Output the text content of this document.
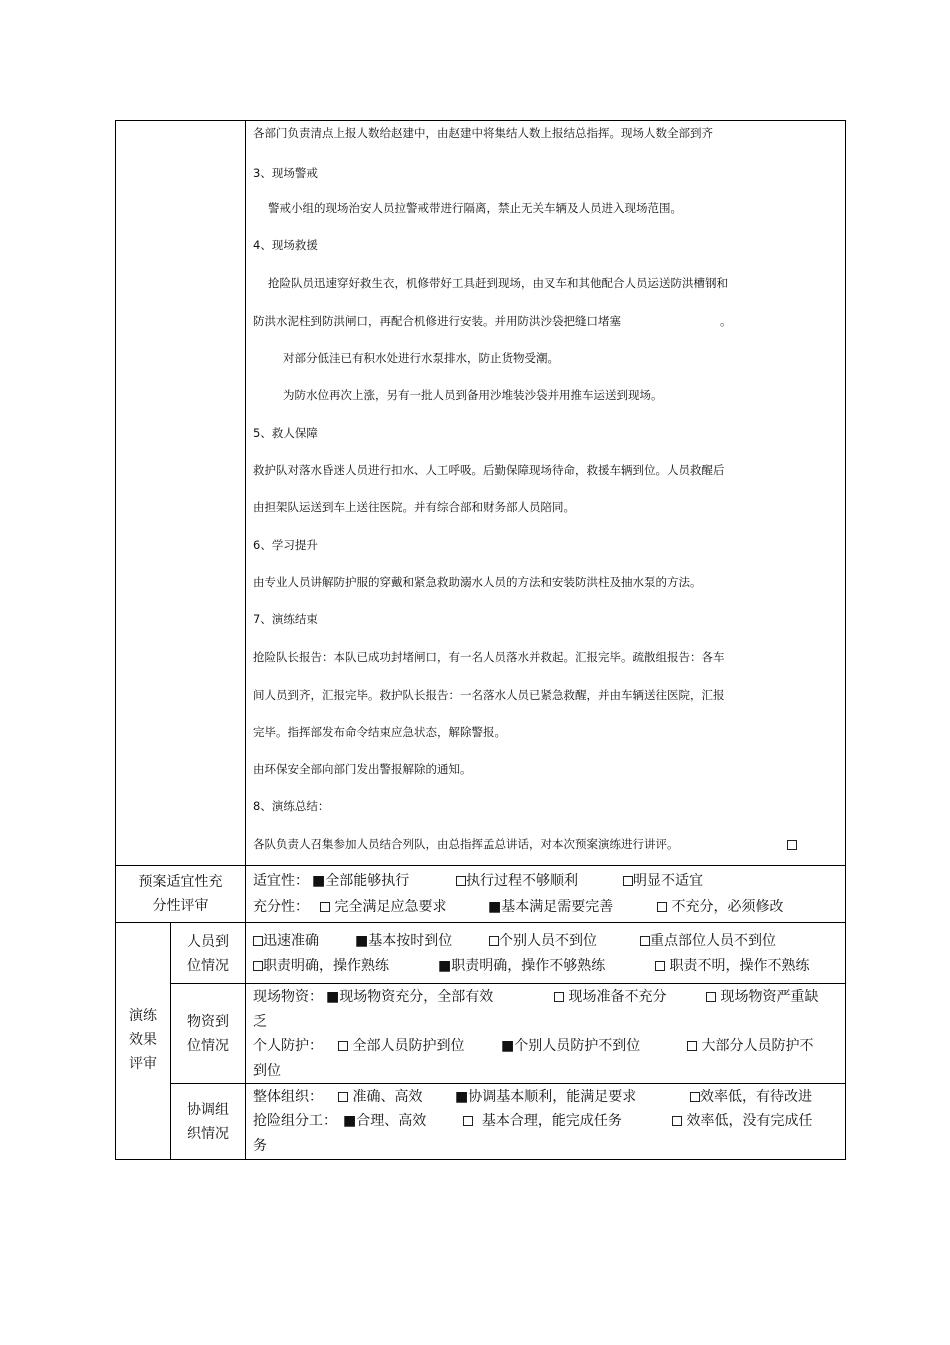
各部门负责清点上报人数给赵建中，由赵建中将集结人数上报结总指挥。现场人数全部到齐
3、现场警戒
警戒小组的现场治安人员拉警戒带进行隔离，禁止无关车辆及人员进入现场范围。
4、现场救援
抢险队员迅速穿好救生衣，机修带好工具赶到现场，由叉车和其他配合人员运送防洪槽钢和
防洪水泥柱到防洪闸口，再配合机修进行安装。并用防洪沙袋把缝口堵塞	。
对部分低洼已有积水处进行水泵排水，防止货物受潮。
为防水位再次上涨，另有一批人员到备用沙堆装沙袋并用推车运送到现场。
5、救人保障
救护队对落水昏迷人员进行扣水、人工呼吸。后勤保障现场待命，救援车辆到位。人员救醒后
由担架队运送到车上送往医院。并有综合部和财务部人员陪同。
6、学习提升
由专业人员讲解防护服的穿戴和紧急救助溺水人员的方法和安装防洪柱及抽水泵的方法。
7、演练结束
抢险队长报告：本队已成功封堵闸口，有一名人员落水并救起。汇报完毕。疏散组报告：各车
间人员到齐，汇报完毕。救护队长报告：一名落水人员已紧急救醒，并由车辆送往医院，汇报
完毕。指挥部发布命令结束应急状态，解除警报。
由环保安全部向部门发出警报解除的通知。
8、演练总结：
各队负责人召集参加人员结合列队，由总指挥孟总讲话，对本次预案演练进行讲评。
预案适宜性充
分性评审
适宜性： ■全部能够执行	执行过程不够顺利	明显不适宜
充分性：	完全满足应急要求	■基本满足需要完善	不充分，必须修改
演练
效果
评审
人员到
位情况
迅速准确	■基本按时到位	个别人员不到位	重点部位人员不到位
职责明确，操作熟练	■职责明确，操作不够熟练	职责不明，操作不熟练
物资到
位情况
现场物资： ■现场物资充分，全部有效	现场准备不充分	现场物资严重缺
乏
个人防护：	全部人员防护到位	■个别人员防护不到位	大部分人员防护不
到位
协调组
织情况
整体组织：	准确、高效 ■协调基本顺利，能满足要求	效率低，有待改进
抢险组分工： ■合理、高效	基本合理，能完成任务	效率低，没有完成任
务
